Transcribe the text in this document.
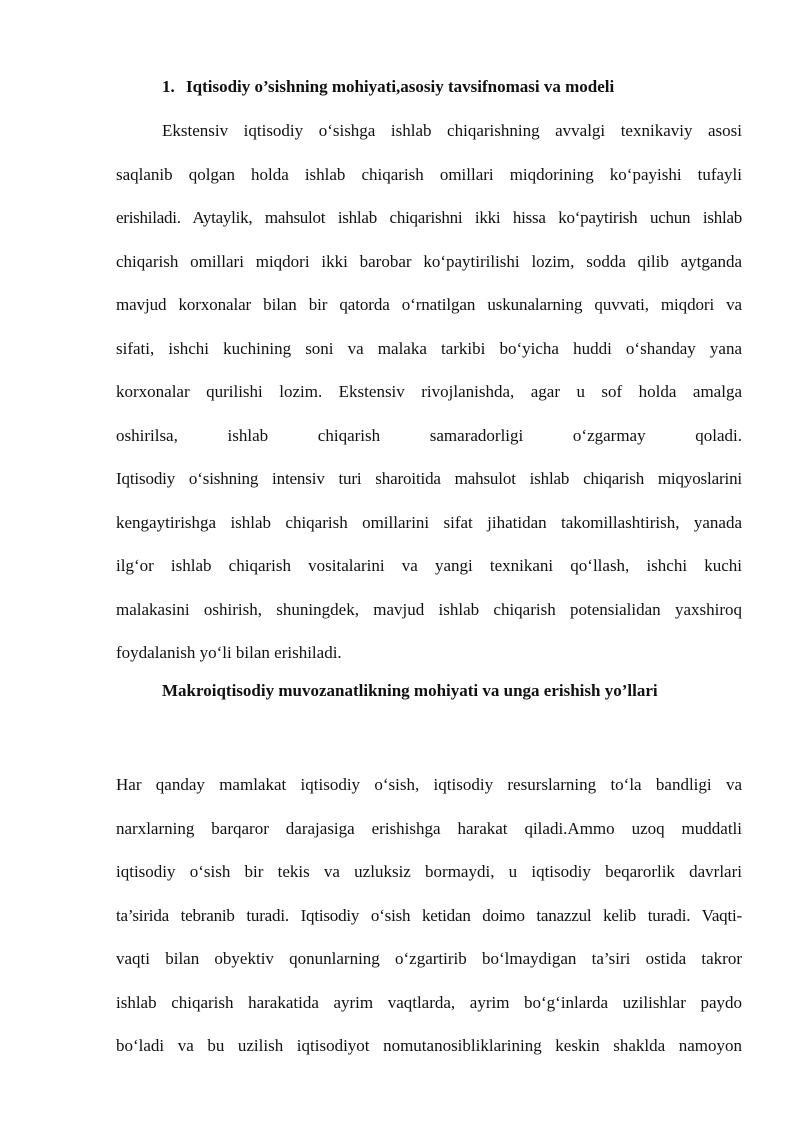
1. Iqtisodiy o’sishning mohiyati,asosiy tavsifnomasi va modeli
Ekstensiv iqtisodiy o‘sishga ishlab chiqarishning avvalgi texnikaviy asosi
saqlanib qolgan holda ishlab chiqarish omillari miqdorining ko‘payishi tufayli
erishiladi. Aytaylik, mahsulot ishlab chiqarishni ikki hissa ko‘paytirish uchun ishlab
chiqarish omillari miqdori ikki barobar ko‘paytirilishi lozim, sodda qilib aytganda
mavjud korxonalar bilan bir qatorda o‘rnatilgan uskunalarning quvvati, miqdori va
sifati, ishchi kuchining soni va malaka tarkibi bo‘yicha huddi o‘shanday yana
korxonalar qurilishi lozim. Ekstensiv rivojlanishda, agar u sof holda amalga
oshirilsa, ishlab chiqarish samaradorligi o‘zgarmay qoladi.
Iqtisodiy o‘sishning intensiv turi sharoitida mahsulot ishlab chiqarish miqyoslarini
kengaytirishga ishlab chiqarish omillarini sifat jihatidan takomillashtirish, yanada
ilg‘or ishlab chiqarish vositalarini va yangi texnikani qo‘llash, ishchi kuchi
malakasini oshirish, shuningdek, mavjud ishlab chiqarish potensialidan yaxshiroq
foydalanish yo‘li bilan erishiladi.
Makroiqtisodiy muvozanatlikning mohiyati va unga erishish yo’llari
Har qanday mamlakat iqtisodiy o‘sish, iqtisodiy resurslarning to‘la bandligi va
narxlarning barqaror darajasiga erishishga harakat qiladi.Ammo uzoq muddatli
iqtisodiy o‘sish bir tekis va uzluksiz bormaydi, u iqtisodiy beqarorlik davrlari
ta’sirida tebranib turadi. Iqtisodiy o‘sish ketidan doimo tanazzul kelib turadi. Vaqti-
vaqti bilan obyektiv qonunlarning o‘zgartirib bo‘lmaydigan ta’siri ostida takror
ishlab chiqarish harakatida ayrim vaqtlarda, ayrim bo‘g‘inlarda uzilishlar paydo
bo‘ladi va bu uzilish iqtisodiyot nomutanosibliklarining keskin shaklda namoyon
